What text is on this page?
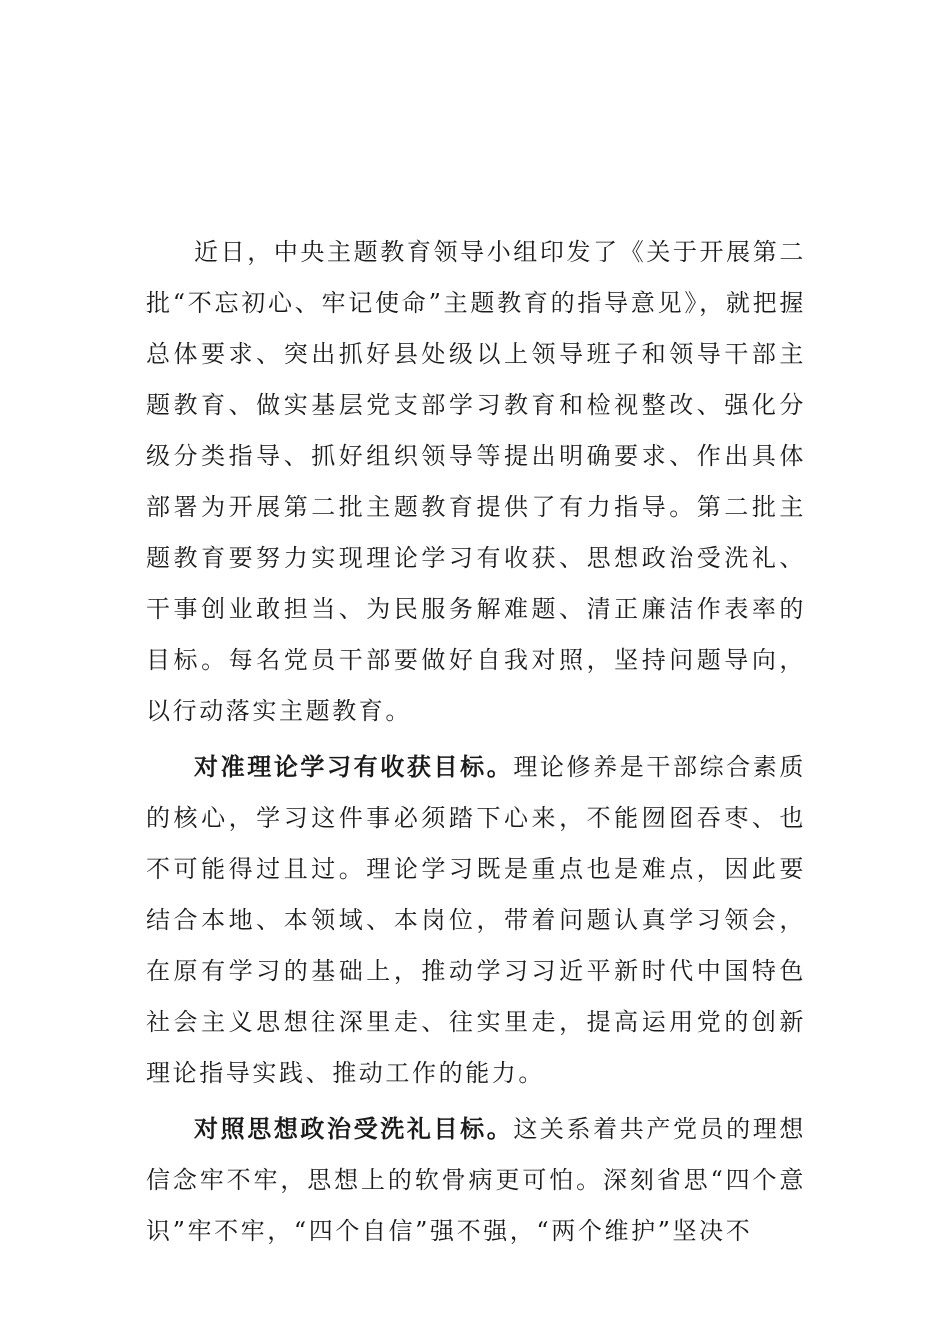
近日，中央主题教育领导小组印发了《关于开展第二批“不忘初心、牢记使命”主题教育的指导意见》，就把握总体要求、突出抓好县处级以上领导班子和领导干部主题教育、做实基层党支部学习教育和检视整改、强化分级分类指导、抓好组织领导等提出明确要求、作出具体部署为开展第二批主题教育提供了有力指导。第二批主题教育要努力实现理论学习有收获、思想政治受洗礼、干事创业敢担当、为民服务解难题、清正廉洁作表率的目标。每名党员干部要做好自我对照，坚持问题导向，以行动落实主题教育。

对准理论学习有收获目标。理论修养是干部综合素质的核心，学习这件事必须踏下心来，不能囫囵吞枣、也不可能得过且过。理论学习既是重点也是难点，因此要结合本地、本领域、本岗位，带着问题认真学习领会，在原有学习的基础上，推动学习习近平新时代中国特色社会主义思想往深里走、往实里走，提高运用党的创新理论指导实践、推动工作的能力。

对照思想政治受洗礼目标。这关系着共产党员的理想信念牢不牢，思想上的软骨病更可怕。深刻省思“四个意识”牢不牢，“四个自信”强不强，“两个维护”坚决不
